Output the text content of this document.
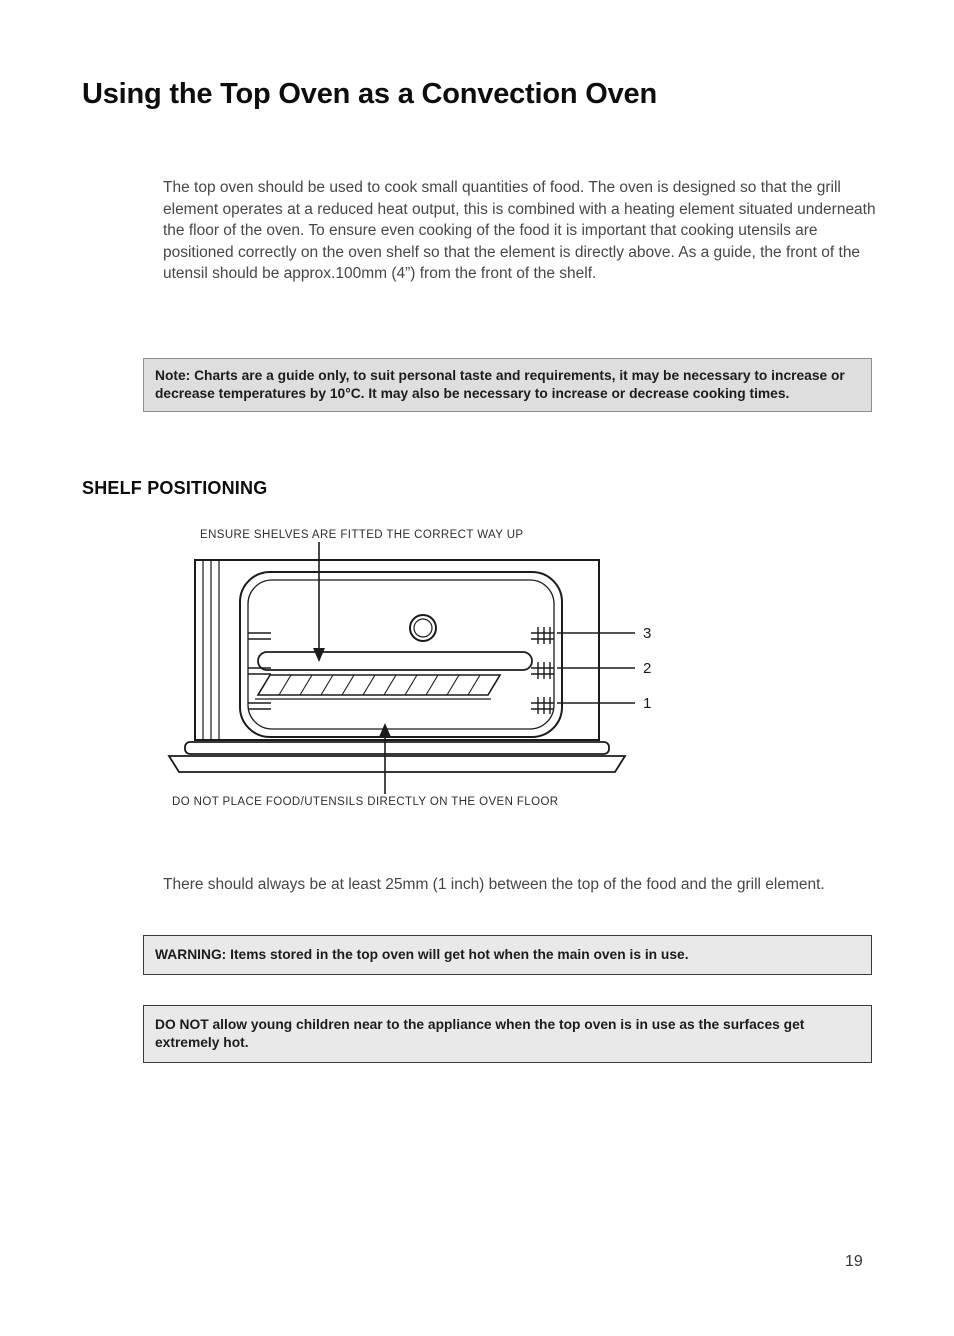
Using the Top Oven as a Convection Oven

The top oven should be used to cook small quantities of food. The oven is designed so that the grill element operates at a reduced heat output, this is combined with a heating element situated underneath the floor of the oven. To ensure even cooking of the food it is important that cooking utensils are positioned correctly on the oven shelf so that the element is directly above. As a guide, the front of the utensil should be approx.100mm (4”) from the front of the shelf.

Note: Charts are a guide only, to suit personal taste and requirements, it may be necessary to increase or decrease temperatures by 10°C. It may also be necessary to increase or decrease cooking times.
SHELF POSITIONING
ENSURE SHELVES ARE FITTED THE CORRECT WAY UP
3
2
1
DO NOT PLACE FOOD/UTENSILS DIRECTLY ON THE OVEN FLOOR

There should always be at least 25mm (1 inch) between the top of the food and the grill element.

WARNING: Items stored in the top oven will get hot when the main oven is in use.
DO NOT allow young children near to the appliance when the top oven is in use as the surfaces get extremely hot.
19
